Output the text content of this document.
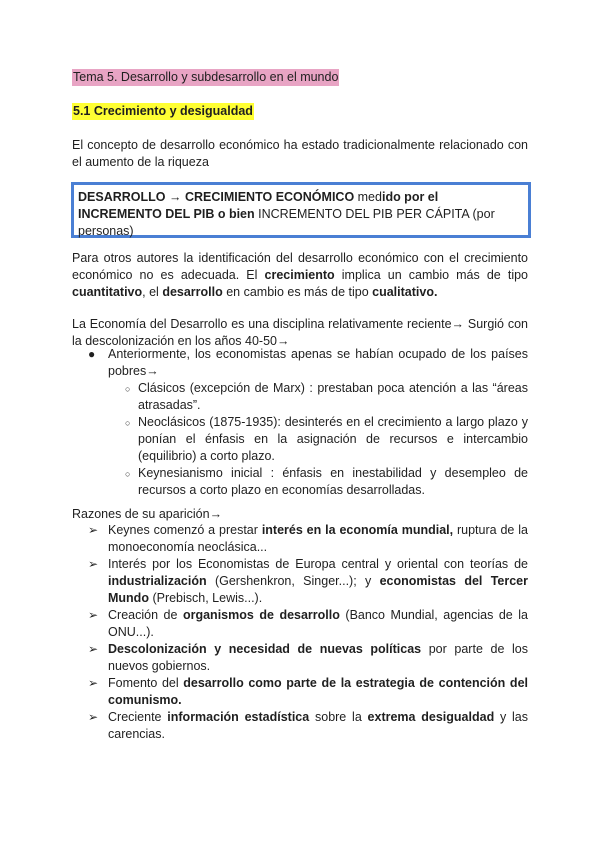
Tema 5. Desarrollo y subdesarrollo en el mundo
5.1 Crecimiento y desigualdad
El concepto de desarrollo económico ha estado tradicionalmente relacionado con el aumento de la riqueza
DESARROLLO → CRECIMIENTO ECONÓMICO medido por el INCREMENTO DEL PIB o bien INCREMENTO DEL PIB PER CÁPITA (por personas)
Para otros autores la identificación del desarrollo económico con el crecimiento económico no es adecuada. El crecimiento implica un cambio más de tipo cuantitativo, el desarrollo en cambio es más de tipo cualitativo.
La Economía del Desarrollo es una disciplina relativamente reciente→ Surgió con la descolonización en los años 40-50→
● Anteriormente, los economistas apenas se habían ocupado de los países pobres→
○ Clásicos (excepción de Marx) : prestaban poca atención a las “áreas atrasadas”.
○ Neoclásicos (1875-1935): desinterés en el crecimiento a largo plazo y ponían el énfasis en la asignación de recursos e intercambio (equilibrio) a corto plazo.
○ Keynesianismo inicial : énfasis en inestabilidad y desempleo de recursos a corto plazo en economías desarrolladas.
Razones de su aparición→
➢ Keynes comenzó a prestar interés en la economía mundial, ruptura de la monoeconomía neoclásica...
➢ Interés por los Economistas de Europa central y oriental con teorías de industrialización (Gershenkron, Singer...); y economistas del Tercer Mundo (Prebisch, Lewis...).
➢ Creación de organismos de desarrollo (Banco Mundial, agencias de la ONU...).
➢ Descolonización y necesidad de nuevas políticas por parte de los nuevos gobiernos.
➢ Fomento del desarrollo como parte de la estrategia de contención del comunismo.
➢ Creciente información estadística sobre la extrema desigualdad y las carencias.
